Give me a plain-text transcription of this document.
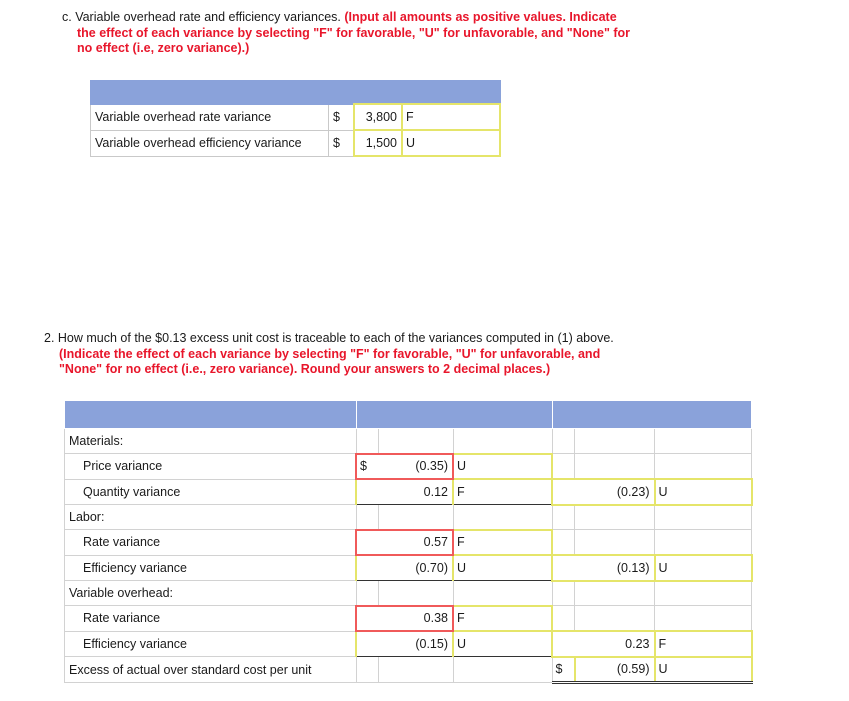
c. Variable overhead rate and efficiency variances. (Input all amounts as positive values. Indicate
the effect of each variance by selecting "F" for favorable, "U" for unfavorable, and "None" for
no effect (i.e, zero variance).)

Variable overhead rate variance	$	3,800	F
Variable overhead efficiency variance	$	1,500	U
2. How much of the $0.13 excess unit cost is traceable to each of the variances computed in (1) above.
(Indicate the effect of each variance by selecting "F" for favorable, "U" for unfavorable, and
"None" for no effect (i.e., zero variance). Round your answers to 2 decimal places.)

Materials:						
Price variance	$	(0.35)	U			
Quantity variance		0.12	F		(0.23)	U
Labor:						
Rate variance		0.57	F			
Efficiency variance		(0.70)	U		(0.13)	U
Variable overhead:						
Rate variance		0.38	F			
Efficiency variance		(0.15)	U		0.23	F
Excess of actual over standard cost per unit				$	(0.59)	U
